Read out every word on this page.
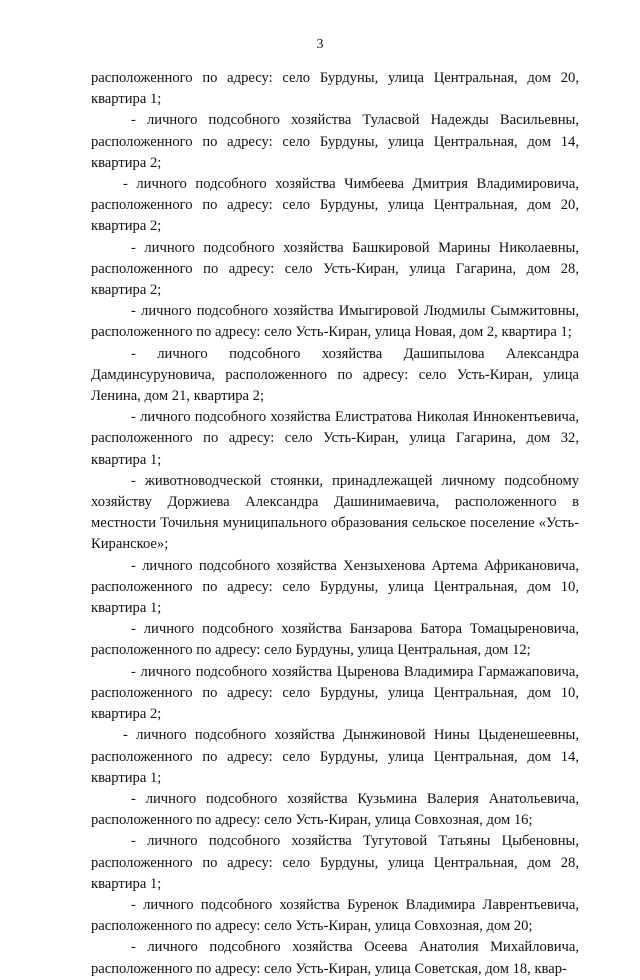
3

расположенного по адресу: село Бурдуны, улица Центральная, дом 20, квартира 1;

- личного подсобного хозяйства Туласвой Надежды Васильевны, расположенного по адресу: село Бурдуны, улица Центральная, дом 14, квартира 2;

- личного подсобного хозяйства Чимбеева Дмитрия Владимировича, расположенного по адресу: село Бурдуны, улица Центральная, дом 20, квартира 2;

- личного подсобного хозяйства Башкировой Марины Николаевны, расположенного по адресу: село Усть-Киран, улица Гагарина, дом 28, квартира 2;

- личного подсобного хозяйства Имыгировой Людмилы Сымжитовны, расположенного по адресу: село Усть-Киран, улица Новая, дом 2, квартира 1;

- личного подсобного хозяйства Дашипылова Александра Дамдинсуруновича, расположенного по адресу: село Усть-Киран, улица Ленина, дом 21, квартира 2;

- личного подсобного хозяйства Елистратова Николая Иннокентьевича, расположенного по адресу: село Усть-Киран, улица Гагарина, дом 32, квартира 1;

- животноводческой стоянки, принадлежащей личному подсобному хозяйству Доржиева Александра Дашинимаевича, расположенного в местности Точильня муниципального образования сельское поселение «Усть-Киранское»;

- личного подсобного хозяйства Хензыхенова Артема Африкановича, расположенного по адресу: село Бурдуны, улица Центральная, дом 10, квартира 1;

- личного подсобного хозяйства Банзарова Батора Томацыреновича, расположенного по адресу: село Бурдуны, улица Центральная, дом 12;

- личного подсобного хозяйства Цыренова Владимира Гармажаповича, расположенного по адресу: село Бурдуны, улица Центральная, дом 10, квартира 2;

- личного подсобного хозяйства Дынжиновой Нины Цыденешеевны, расположенного по адресу: село Бурдуны, улица Центральная, дом 14, квартира 1;

- личного подсобного хозяйства Кузьмина Валерия Анатольевича, расположенного по адресу: село Усть-Киран, улица Совхозная, дом 16;

- личного подсобного хозяйства Тугутовой Татьяны Цыбеновны, расположенного по адресу: село Бурдуны, улица Центральная, дом 28, квартира 1;

- личного подсобного хозяйства Буренок Владимира Лаврентьевича, расположенного по адресу: село Усть-Киран, улица Совхозная, дом 20;

- личного подсобного хозяйства Осеева Анатолия Михайловича, расположенного по адресу: село Усть-Киран, улица Советская, дом 18, квар-
